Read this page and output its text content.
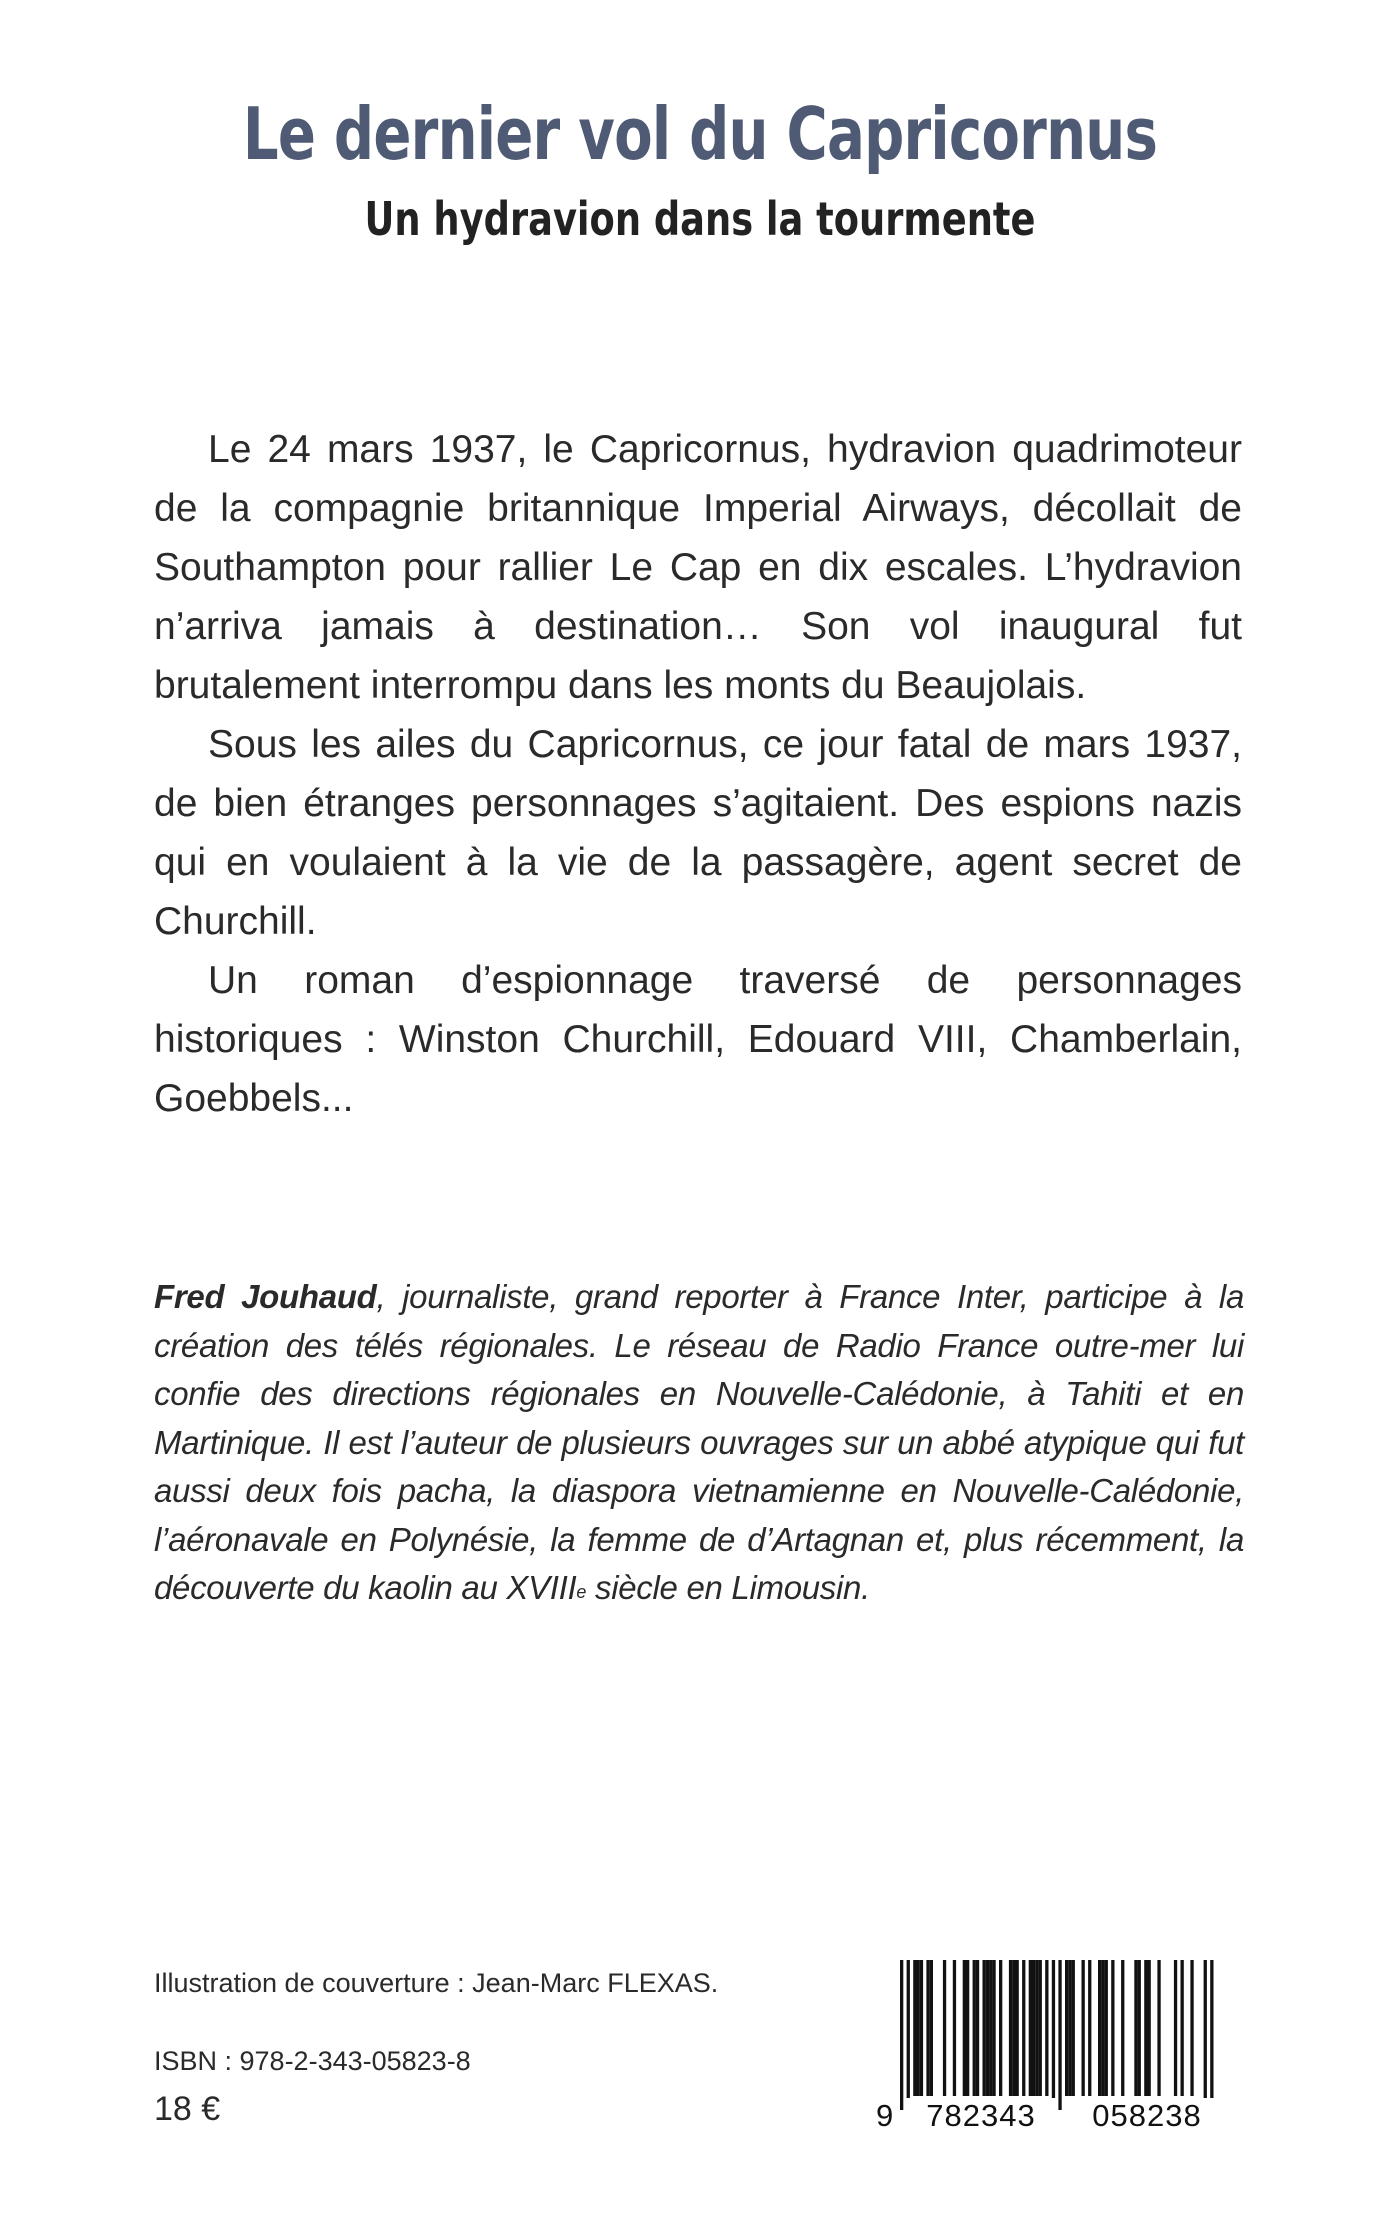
Le dernier vol du Capricornus
Un hydravion dans la tourmente

Le 24 mars 1937, le Capricornus, hydravion quadrimoteur de la compagnie britannique Imperial Airways, décollait de Southampton pour rallier Le Cap en dix escales. L’hydravion n’arriva jamais à destination… Son vol inaugural fut brutalement interrompu dans les monts du Beaujolais.

Sous les ailes du Capricornus, ce jour fatal de mars 1937, de bien étranges personnages s’agitaient. Des espions nazis qui en voulaient à la vie de la passagère, agent secret de Churchill.

Un roman d’espionnage traversé de personnages historiques : Winston Churchill, Edouard VIII, Chamberlain, Goebbels...

Fred Jouhaud, journaliste, grand reporter à France Inter, participe à la création des télés régionales. Le réseau de Radio France outre-mer lui confie des directions régionales en Nouvelle-Calédonie, à Tahiti et en Martinique. Il est l’auteur de plusieurs ouvrages sur un abbé atypique qui fut aussi deux fois pacha, la diaspora vietnamienne en Nouvelle-Calédonie, l’aéronavale en Polynésie, la femme de d’Artagnan et, plus récemment, la découverte du kaolin au XVIIIe siècle en Limousin.
Illustration de couverture : Jean-Marc FLEXAS.
ISBN : 978-2-343-05823-8
18 €	9	782343	058238
